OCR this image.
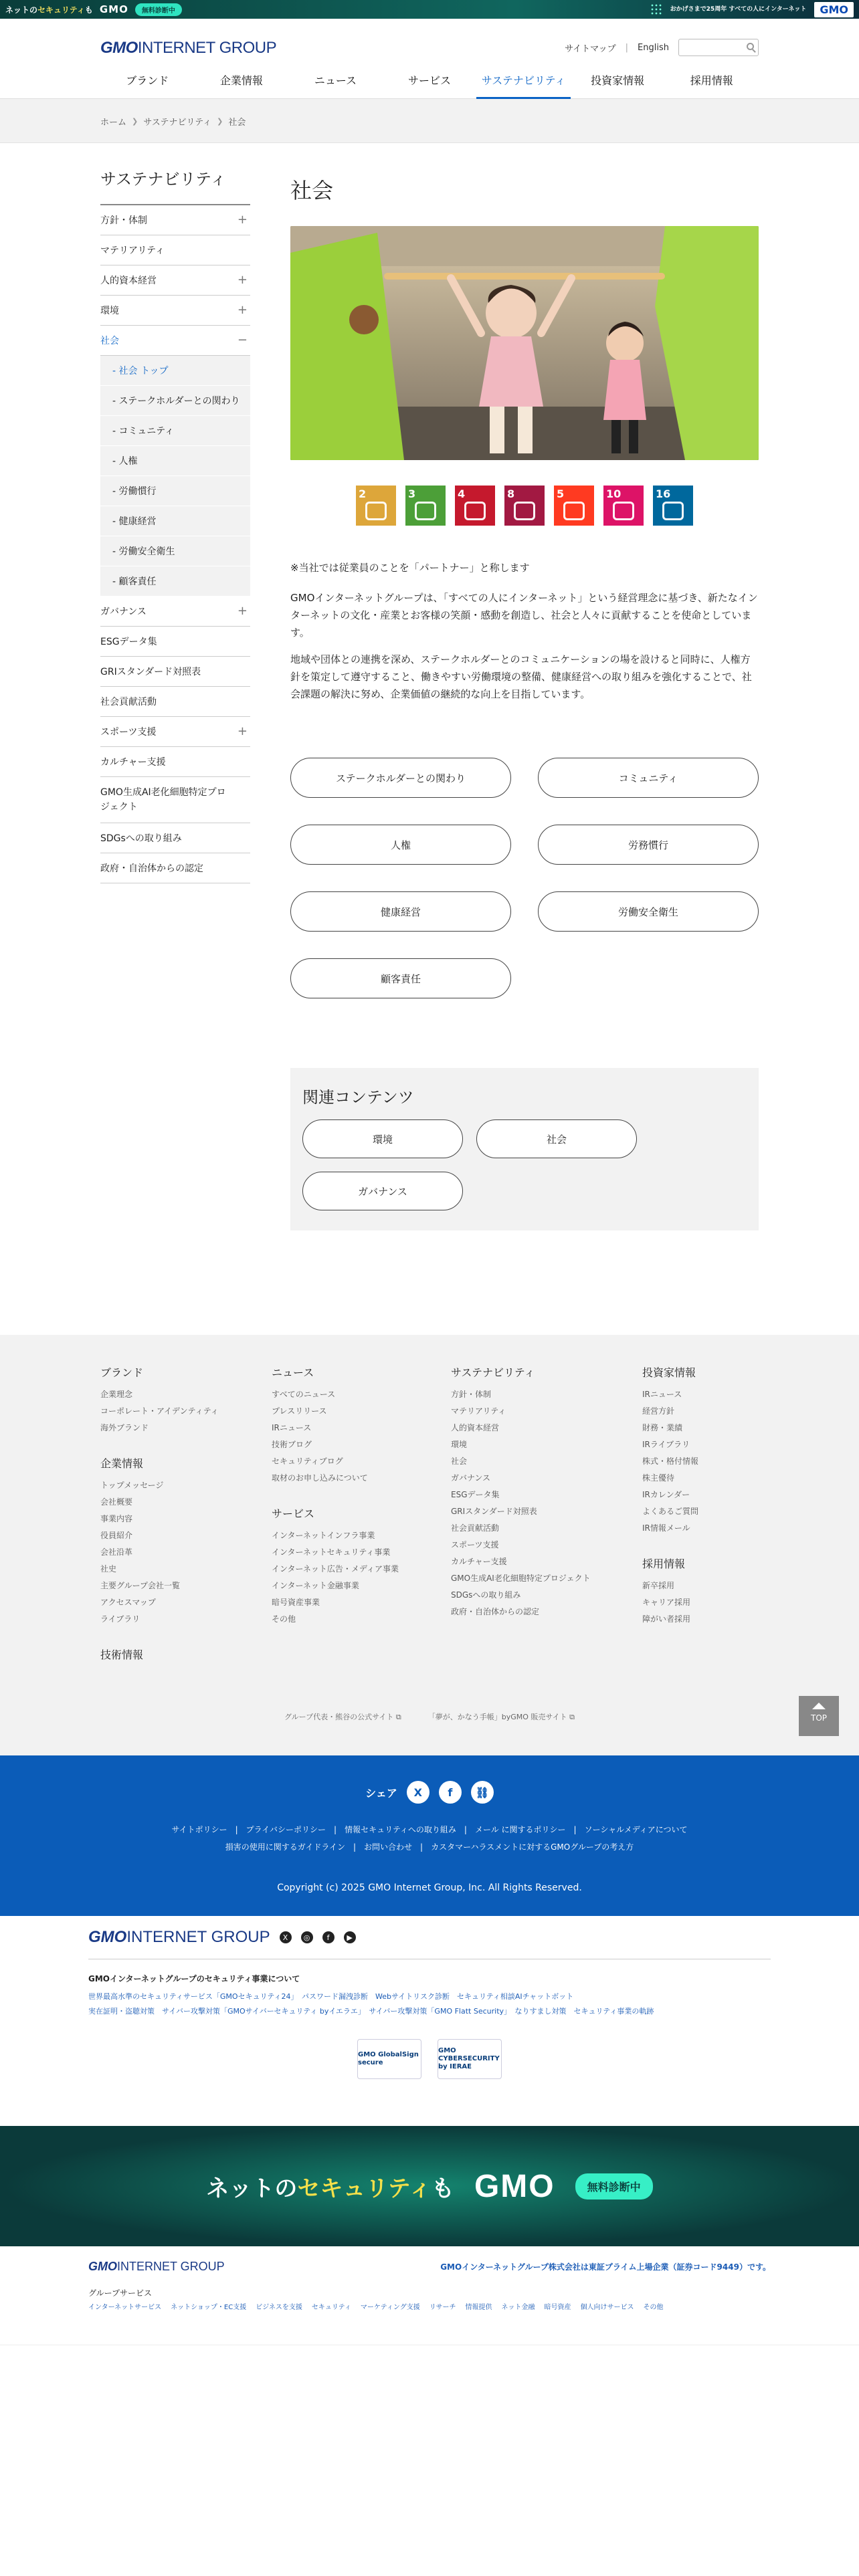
ネットの セキュリティ も GMO	無料診断中	おかげさまで25周年 すべての人にインターネット	GMO
GMOINTERNET GROUP	サイトマップ | English
ブランド	企業情報	ニュース	サービス	サステナビリティ	投資家情報	採用情報
ホーム ❯ サステナビリティ ❯ 社会
サステナビリティ
方針・体制	+
マテリアリティ
人的資本経営	+
環境	+
社会	−
- 社会 トップ
- ステークホルダーとの関わり
- コミュニティ
- 人権
- 労働慣行
- 健康経営
- 労働安全衛生
- 顧客責任
ガバナンス	+
ESGデータ集
GRIスタンダード対照表
社会貢献活動
スポーツ支援	+
カルチャー支援
GMO生成AI老化細胞特定プロジェクト
SDGsへの取り組み
政府・自治体からの認定
社会
2	3	4	8	5	10	16

※当社では従業員のことを「パートナー」と称します

GMOインターネットグループは、「すべての人にインターネット」という経営理念に基づき、新たなインターネットの文化・産業とお客様の笑顔・感動を創造し、社会と人々に貢献することを使命としています。

地域や団体との連携を深め、ステークホルダーとのコミュニケーションの場を設けると同時に、人権方針を策定して遵守すること、働きやすい労働環境の整備、健康経営への取り組みを強化することで、社会課題の解決に努め、企業価値の継続的な向上を目指しています。

ステークホルダーとの関わり	コミュニティ
人権	労務慣行
健康経営	労働安全衛生
顧客責任
関連コンテンツ
環境	社会
ガバナンス
ブランド
企業理念
コーポレート・アイデンティティ
海外ブランド
企業情報
トップメッセージ
会社概要
事業内容
役員紹介
会社沿革
社史
主要グループ会社一覧
アクセスマップ
ライブラリ
技術情報
ニュース
すべてのニュース
プレスリリース
IRニュース
技術ブログ
セキュリティブログ
取材のお申し込みについて
サービス
インターネットインフラ事業
インターネットセキュリティ事業
インターネット広告・メディア事業
インターネット金融事業
暗号資産事業
その他
サステナビリティ
方針・体制
マテリアリティ
人的資本経営
環境
社会
ガバナンス
ESGデータ集
GRIスタンダード対照表
社会貢献活動
スポーツ支援
カルチャー支援
GMO生成AI老化細胞特定プロジェクト
SDGsへの取り組み
政府・自治体からの認定
投資家情報
IRニュース
経営方針
財務・業績
IRライブラリ
株式・格付情報
株主優待
IRカレンダー
よくあるご質問
IR情報メール
採用情報
新卒採用
キャリア採用
障がい者採用
グループ代表・熊谷の公式サイト ⧉	「夢が、かなう手帳」byGMO 販売サイト ⧉	TOP
シェア	X	f	⛓
サイトポリシー　|　プライバシーポリシー　|　情報セキュリティへの取り組み　|　メール に関するポリシー　|　ソーシャルメディアについて
損害の使用に関するガイドライン　|　お問い合わせ　|　カスタマーハラスメントに対するGMOグループの考え方
Copyright (c) 2025 GMO Internet Group, Inc. All Rights Reserved.
GMOINTERNET GROUP	X	◎	f	▶
GMOインターネットグループのセキュリティ事業について
世界最高水準のセキュリティサービス「GMOセキュリティ24」　パスワード漏洩診断　Webサイトリスク診断　セキュリティ相談AIチャットボット
実在証明・盗聴対策　サイバー攻撃対策「GMOサイバーセキュリティ byイエラエ」　サイバー攻撃対策「GMO Flatt Security」　なりすまし対策　セキュリティ事業の軌跡
GMO GlobalSign secure
GMO CYBERSECURITY by IERAE
ネットのセキュリティも GMO	無料診断中
GMOINTERNET GROUP	GMOインターネットグループ株式会社は東証プライム上場企業（証券コード9449）です。
グループサービス
インターネットサービス ネットショップ・EC支援 ビジネスを支援 セキュリティ マーケティング支援 リサーチ 情報提供 ネット金融 暗号資産 個人向けサービス その他
